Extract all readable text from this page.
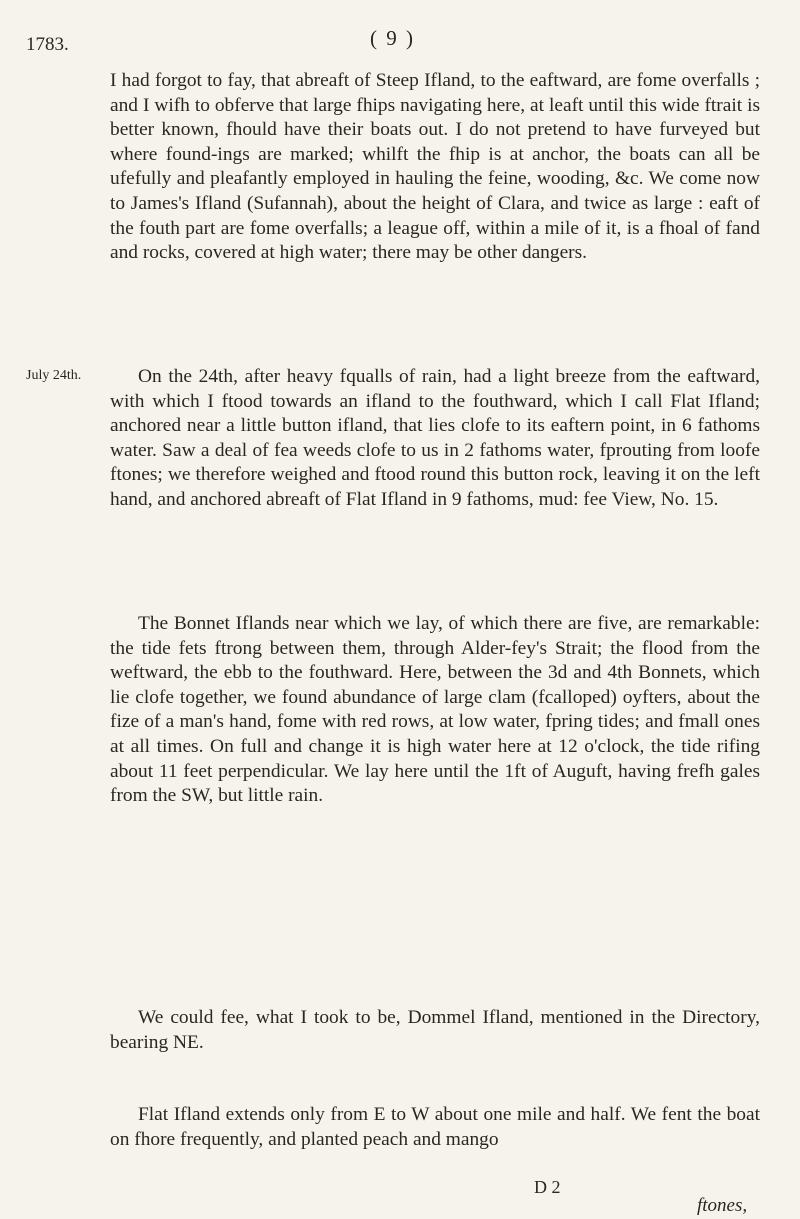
1783.	( 9 )
July 24th.

I had forgot to fay, that abreaft of Steep Ifland, to the eaftward, are fome overfalls ; and I wifh to obferve that large fhips navigating here, at leaft until this wide ftrait is better known, fhould have their boats out. I do not pretend to have furveyed but where found-ings are marked; whilft the fhip is at anchor, the boats can all be ufefully and pleafantly employed in hauling the feine, wooding, &c. We come now to James's Ifland (Sufannah), about the height of Clara, and twice as large : eaft of the fouth part are fome overfalls; a league off, within a mile of it, is a fhoal of fand and rocks, covered at high water; there may be other dangers.

On the 24th, after heavy fqualls of rain, had a light breeze from the eaftward, with which I ftood towards an ifland to the fouthward, which I call Flat Ifland; anchored near a little button ifland, that lies clofe to its eaftern point, in 6 fathoms water. Saw a deal of fea weeds clofe to us in 2 fathoms water, fprouting from loofe ftones; we therefore weighed and ftood round this button rock, leaving it on the left hand, and anchored abreaft of Flat Ifland in 9 fathoms, mud: fee View, No. 15.

The Bonnet Iflands near which we lay, of which there are five, are remarkable: the tide fets ftrong between them, through Alder-fey's Strait; the flood from the weftward, the ebb to the fouthward. Here, between the 3d and 4th Bonnets, which lie clofe together, we found abundance of large clam (fcalloped) oyfters, about the fize of a man's hand, fome with red rows, at low water, fpring tides; and fmall ones at all times. On full and change it is high water here at 12 o'clock, the tide rifing about 11 feet perpendicular. We lay here until the 1ft of Auguft, having frefh gales from the SW, but little rain.

We could fee, what I took to be, Dommel Ifland, mentioned in the Directory, bearing NE.

Flat Ifland extends only from E to W about one mile and half. We fent the boat on fhore frequently, and planted peach and mango

D 2
ftones,
